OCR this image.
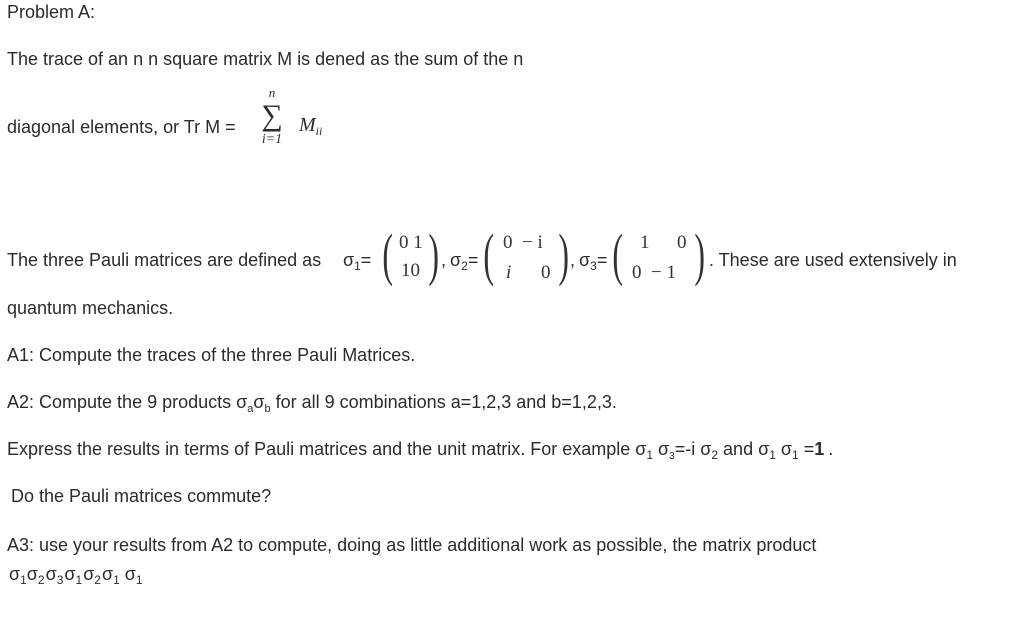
Problem A:
The trace of an n n square matrix M is dened as the sum of the n
diagonal elements, or Tr M =
n
∑
i=1
$M_{ii}$
The three Pauli matrices are defined as $\sigma_1=$ ( 0 1
10 ) , $\sigma_2=$ ( 0  − i
i 0 ) , $\sigma_3=$ ( 1 0
0  − 1 ) . These are used extensively in
quantum mechanics.
A1: Compute the traces of the three Pauli Matrices.
A2: Compute the 9 products $\sigma_a\sigma_b$ for all 9 combinations a=1,2,3 and b=1,2,3.
Express the results in terms of Pauli matrices and the unit matrix. For example $\sigma_1$ $\sigma_3=-i$ $\sigma_2$ and $\sigma_1$ $\sigma_1 =1$ .
Do the Pauli matrices commute?
A3: use your results from A2 to compute, doing as little additional work as possible, the matrix product
$\sigma_1\sigma_2\sigma_3\sigma_1\sigma_2\sigma_1$ $\sigma_1$
